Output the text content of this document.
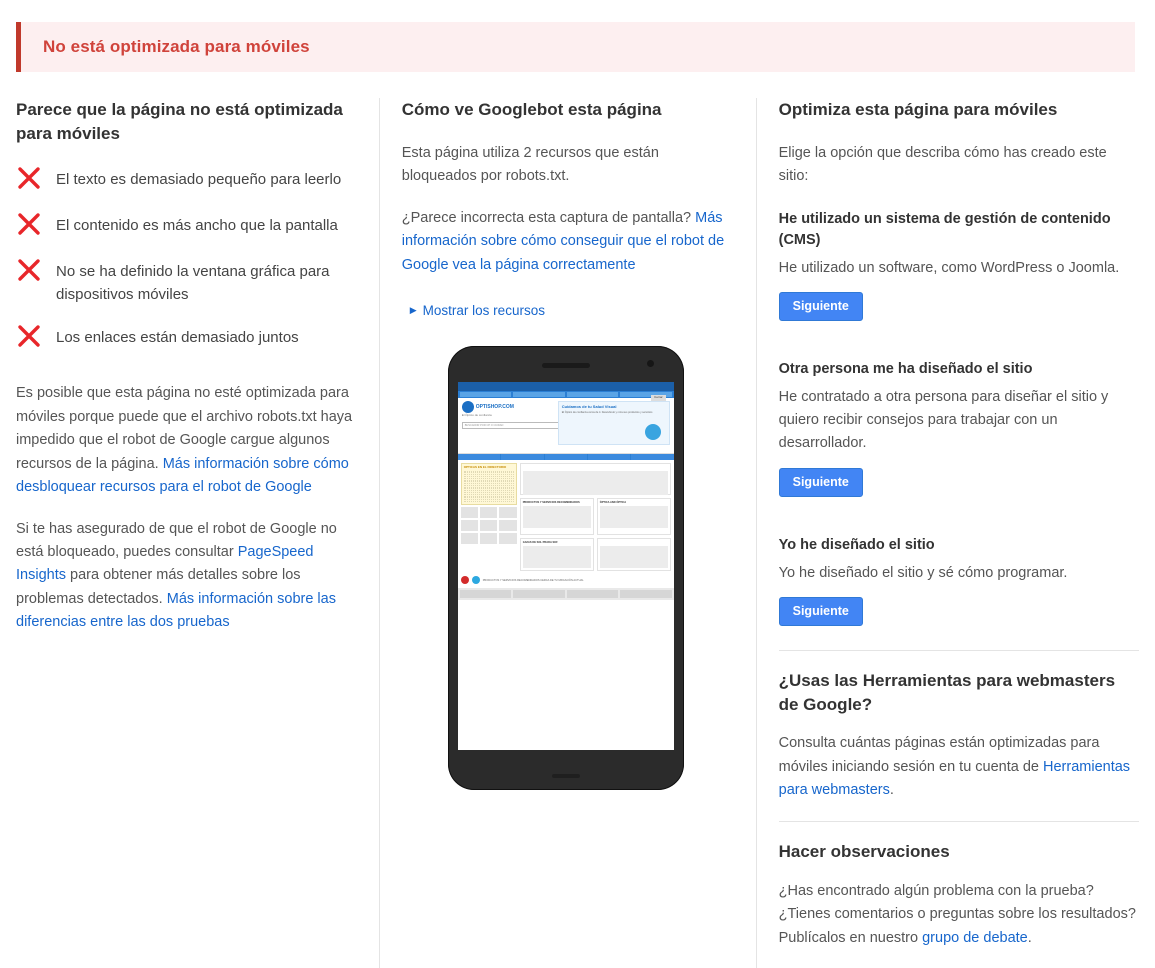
No está optimizada para móviles
Parece que la página no está optimizada para móviles
El texto es demasiado pequeño para leerlo
El contenido es más ancho que la pantalla
No se ha definido la ventana gráfica para dispositivos móviles
Los enlaces están demasiado juntos

Es posible que esta página no esté optimizada para móviles porque puede que el archivo robots.txt haya impedido que el robot de Google cargue algunos recursos de la página. Más información sobre cómo desbloquear recursos para el robot de Google

Si te has asegurado de que el robot de Google no está bloqueado, puedes consultar PageSpeed Insights para obtener más detalles sobre los problemas detectados. Más información sobre las diferencias entre las dos pruebas

Cómo ve Googlebot esta página

Esta página utiliza 2 recursos que están bloqueados por robots.txt.

¿Parece incorrecta esta captura de pantalla? Más información sobre cómo conseguir que el robot de Google vea la página correctamente

▶ Mostrar los recursos
OPTISHOP.COM
El Óptico de confianza
BUSCADOR POR CP O CIUDAD
Cerrar
Cuidamos de tu Salud Visual

El Óptico de confianza cerca de ti. Descubrelo y mira sus productos y servicios

OPTICAS EN EL DIRECTORIO

PRODUCTOS Y SERVICIOS RECOMENDADOS
	ÓPTICA AND ÓPTICA

GAFAS DE SOL PRADA SKF

PRODUCTOS Y SERVICIOS RECOMENDADOS CERCA DE TU UBICACIÓN ACTUAL
Optimiza esta página para móviles

Elige la opción que describa cómo has creado este sitio:

He utilizado un sistema de gestión de contenido (CMS)
He utilizado un software, como WordPress o Joomla.
Siguiente
Otra persona me ha diseñado el sitio
He contratado a otra persona para diseñar el sitio y quiero recibir consejos para trabajar con un desarrollador.
Siguiente
Yo he diseñado el sitio
Yo he diseñado el sitio y sé cómo programar.
Siguiente
¿Usas las Herramientas para webmasters de Google?

Consulta cuántas páginas están optimizadas para móviles iniciando sesión en tu cuenta de Herramientas para webmasters.

Hacer observaciones

¿Has encontrado algún problema con la prueba? ¿Tienes comentarios o preguntas sobre los resultados? Publícalos en nuestro grupo de debate.
